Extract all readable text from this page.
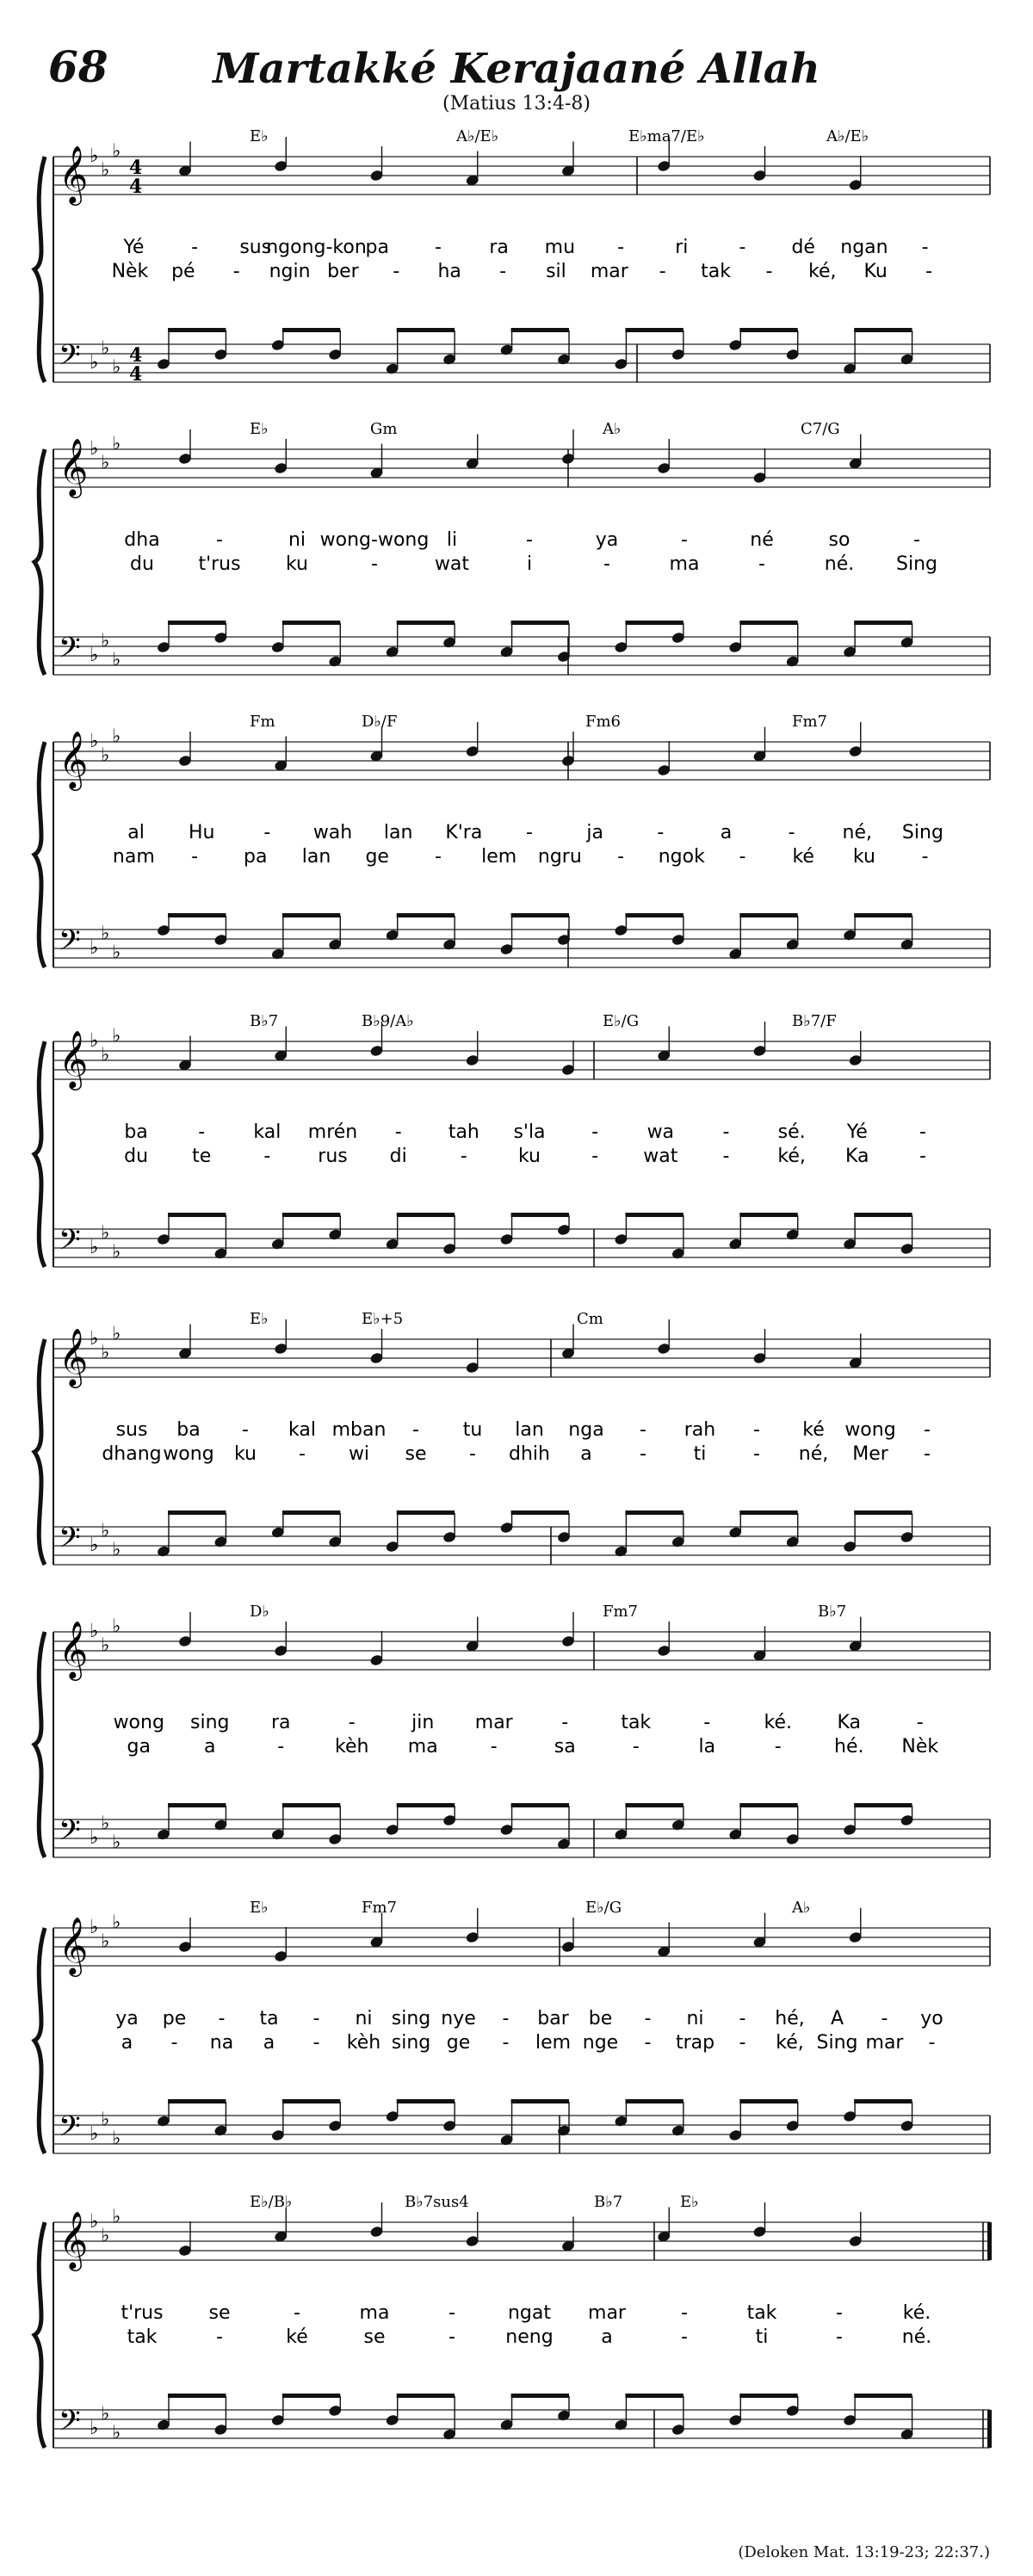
68	Martakké Kerajaané Allah
(Matius 13:4-8)
𝄞
𝄢
♭
♭
♭
♭
♭
♭
4
4
4
4
E♭	A♭/E♭	E♭ma7/E♭	A♭/E♭
Yé - sus
ngong-kon
pa -	ra mu -	ri	- dé ngan -
Nèk pé - ngin ber - ha - sil mar - tak - ké, Ku -
𝄞
𝄢
♭
♭
♭
♭
♭
♭
E♭	Gm	A♭	C7/G
dha	-	ni wong-wong li	-	ya	-	né	so	-
du t'rus ku	-	wat	i	-	ma	-	né. Sing
𝄞
𝄢
♭
♭
♭
♭
♭
♭
Fm	D♭/F	Fm6	Fm7
al Hu	- wah lan K'ra -	ja	-	a	- né, Sing
nam - pa lan ge - lem ngru - ngok - ké ku -
𝄞
𝄢
♭
♭
♭
♭
♭
♭
B♭7	B♭9/A♭	E♭/G	B♭7/F
ba	-	kal mrén - tah s'la -	wa	-	sé. Yé	-
du te	- rus di	-	ku	- wat -	ké, Ka	-
𝄞
𝄢
♭
♭
♭
♭
♭
♭
E♭	E♭+5	Cm
sus ba - kal mban - tu lan nga - rah - ké wong -
dhang wong ku - wi se - dhih a	- ti - né, Mer -
𝄞
𝄢
♭
♭
♭
♭
♭
♭
D♭	Fm7	B♭7
wong sing ra	-	jin mar	-	tak	-	ké. Ka	-
ga	a	-	kèh ma	-	sa	-	la	-	hé. Nèk
𝄞
𝄢
♭
♭
♭
♭
♭
♭
E♭	Fm7	E♭/G	A♭
ya pe - ta - ni sing nye - bar be - ni - hé, A - yo
a - na a - kèh sing ge - lem nge - trap - ké, Sing mar -
𝄞
𝄢
♭
♭
♭
♭
♭
♭
E♭/B♭	B♭7sus4	B♭7	E♭
t'rus se	-	ma	-	ngat mar	-	tak	-	ké.
tak	-	ké	se	-	neng	a	-	ti	-	né.
(Deloken Mat. 13:19-23; 22:37.)
